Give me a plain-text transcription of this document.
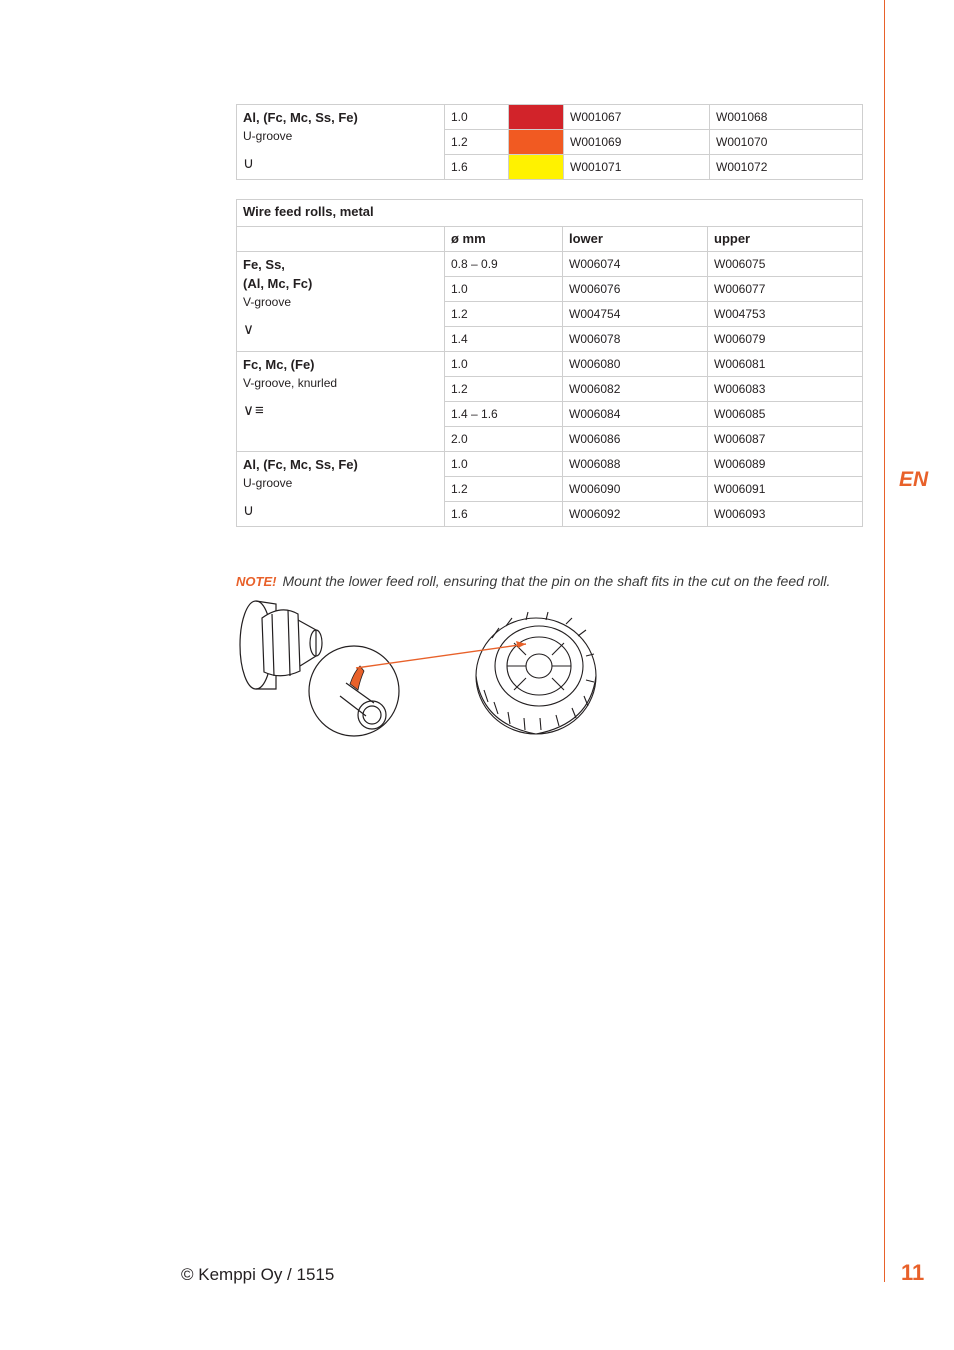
EN
Al, (Fc, Mc, Ss, Fe)
U-groove
∪	1.0		W001067	W001068
	1.2		W001069	W001070
	1.6		W001071	W001072
Wire feed rolls, metal			
	ø mm	lower	upper

Fe, Ss,
(Al, Mc, Fc)
V-groove
∨	0.8 – 0.9	W006074	W006075
	1.0	W006076	W006077
	1.2	W004754	W004753
	1.4	W006078	W006079

Fc, Mc, (Fe)
V-groove, knurled
∨≡	1.0	W006080	W006081
	1.2	W006082	W006083
	1.4 – 1.6	W006084	W006085
	2.0	W006086	W006087

Al, (Fc, Mc, Ss, Fe)
U-groove
∪	1.0	W006088	W006089
	1.2	W006090	W006091
	1.6	W006092	W006093
NOTE! Mount the lower feed roll, ensuring that the pin on the shaft fits in the cut on the feed roll.
© Kemppi Oy / 1515	11
